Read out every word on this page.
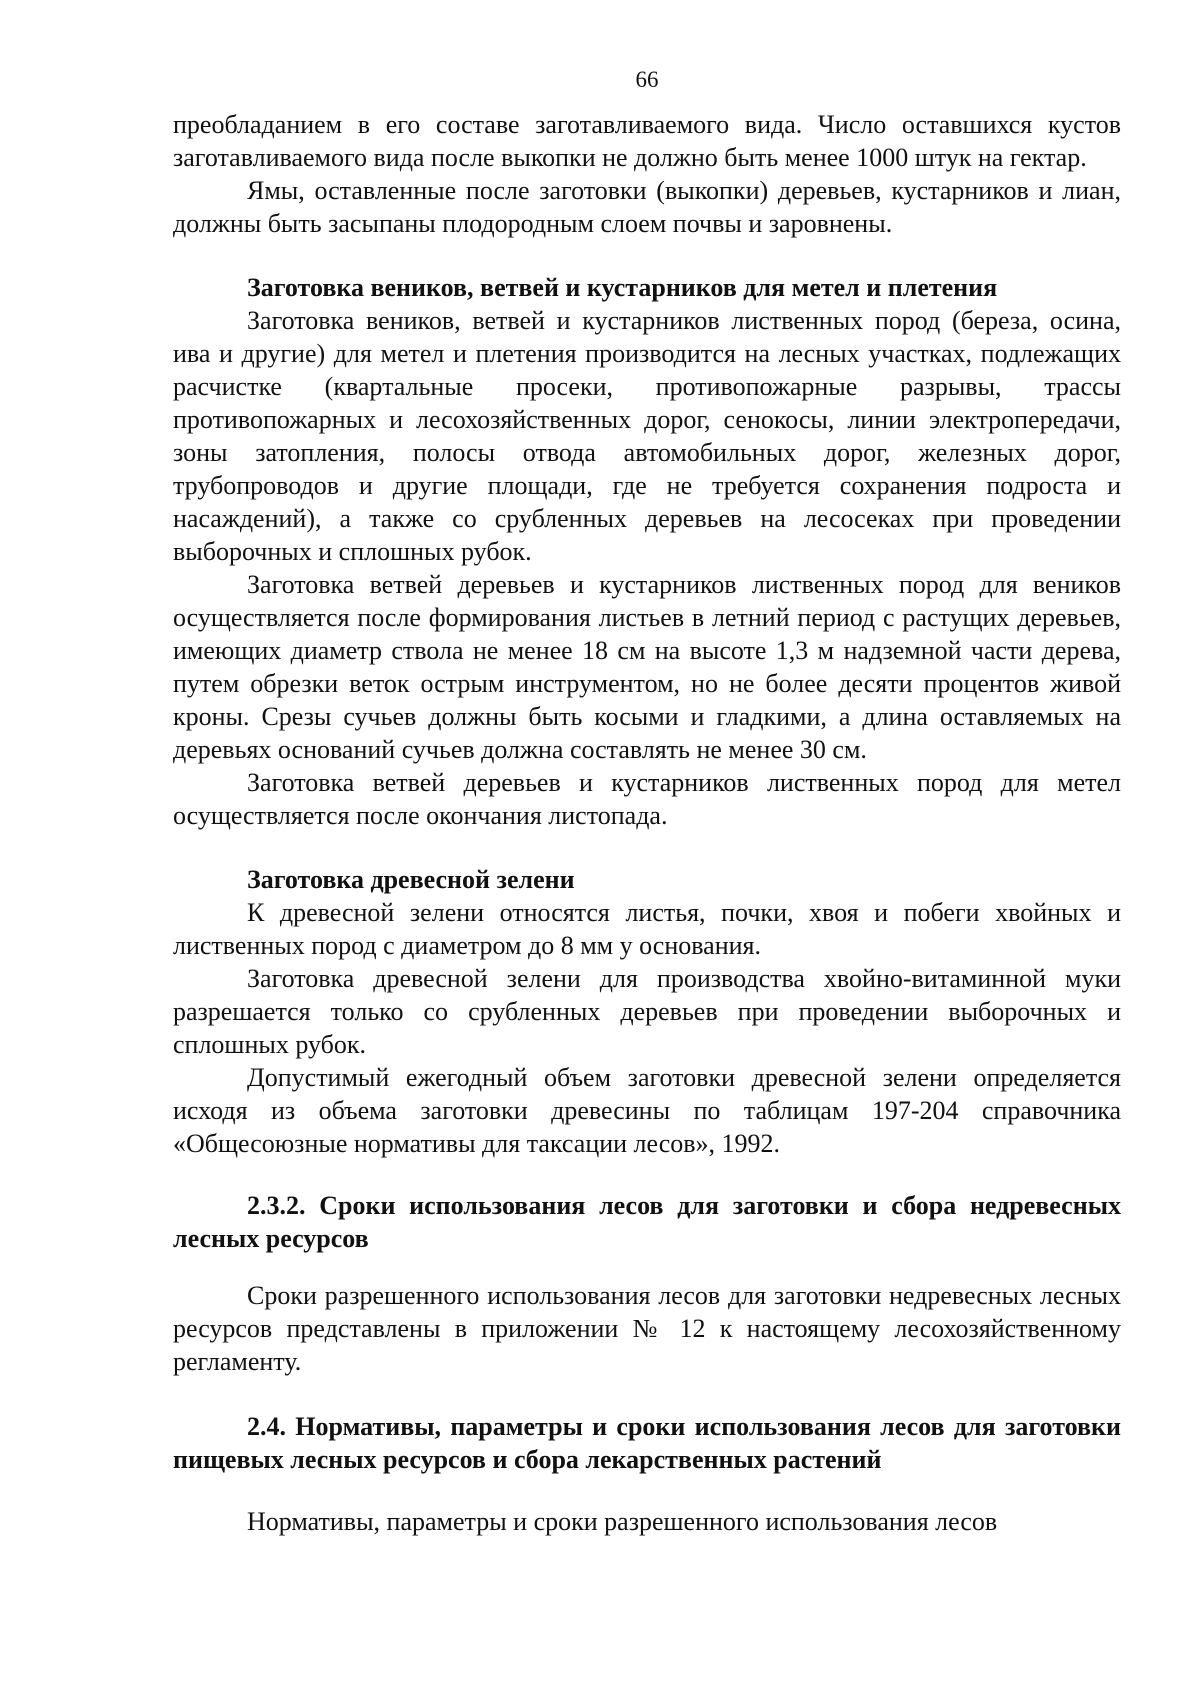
66

преобладанием в его составе заготавливаемого вида. Число оставшихся кустов заготавливаемого вида после выкопки не должно быть менее 1000 штук на гектар.

Ямы, оставленные после заготовки (выкопки) деревьев, кустарников и лиан, должны быть засыпаны плодородным слоем почвы и заровнены.

Заготовка веников, ветвей и кустарников для метел и плетения

Заготовка веников, ветвей и кустарников лиственных пород (береза, осина, ива и другие) для метел и плетения производится на лесных участках, подлежащих расчистке (квартальные просеки, противопожарные разрывы, трассы противопожарных и лесохозяйственных дорог, сенокосы, линии электропередачи, зоны затопления, полосы отвода автомобильных дорог, железных дорог, трубопроводов и другие площади, где не требуется сохранения подроста и насаждений), а также со срубленных деревьев на лесосеках при проведении выборочных и сплошных рубок.

Заготовка ветвей деревьев и кустарников лиственных пород для веников осуществляется после формирования листьев в летний период с растущих деревьев, имеющих диаметр ствола не менее 18 см на высоте 1,3 м надземной части дерева, путем обрезки веток острым инструментом, но не более десяти процентов живой кроны. Срезы сучьев должны быть косыми и гладкими, а длина оставляемых на деревьях оснований сучьев должна составлять не менее 30 см.

Заготовка ветвей деревьев и кустарников лиственных пород для метел осуществляется после окончания листопада.

Заготовка древесной зелени

К древесной зелени относятся листья, почки, хвоя и побеги хвойных и лиственных пород с диаметром до 8 мм у основания.

Заготовка древесной зелени для производства хвойно-витаминной муки разрешается только со срубленных деревьев при проведении выборочных и сплошных рубок.

Допустимый ежегодный объем заготовки древесной зелени определяется исходя из объема заготовки древесины по таблицам 197-204 справочника «Общесоюзные нормативы для таксации лесов», 1992.

2.3.2. Сроки использования лесов для заготовки и сбора недревесных лесных ресурсов

Сроки разрешенного использования лесов для заготовки недревесных лесных ресурсов представлены в приложении № 12 к настоящему лесохозяйственному регламенту.

2.4. Нормативы, параметры и сроки использования лесов для заготовки пищевых лесных ресурсов и сбора лекарственных растений

Нормативы, параметры и сроки разрешенного использования лесов
